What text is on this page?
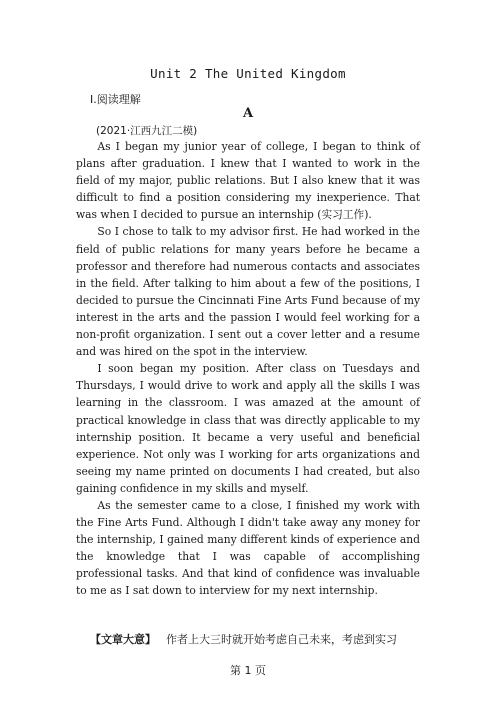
Unit 2 The United Kingdom
Ⅰ.阅读理解
A
(2021·江西九江二模)

As I began my junior year of college, I began to think of plans after graduation. I knew that I wanted to work in the field of my major, public relations. But I also knew that it was difficult to find a position considering my inexperience. That was when I decided to pursue an internship (实习工作).

So I chose to talk to my advisor first. He had worked in the field of public relations for many years before he became a professor and therefore had numerous contacts and associates in the field. After talking to him about a few of the positions, I decided to pursue the Cincinnati Fine Arts Fund because of my interest in the arts and the passion I would feel working for a non-profit organization. I sent out a cover letter and a resume and was hired on the spot in the interview.

I soon began my position. After class on Tuesdays and Thursdays, I would drive to work and apply all the skills I was learning in the classroom. I was amazed at the amount of practical knowledge in class that was directly applicable to my internship position. It became a very useful and beneficial experience. Not only was I working for arts organizations and seeing my name printed on documents I had created, but also gaining confidence in my skills and myself.

As the semester came to a close, I finished my work with the Fine Arts Fund. Although I didn't take away any money for the internship, I gained many different kinds of experience and the knowledge that I was capable of accomplishing professional tasks. And that kind of confidence was invaluable to me as I sat down to interview for my next internship.

【文章大意】 作者上大三时就开始考虑自己未来，考虑到实习
第 1 页
